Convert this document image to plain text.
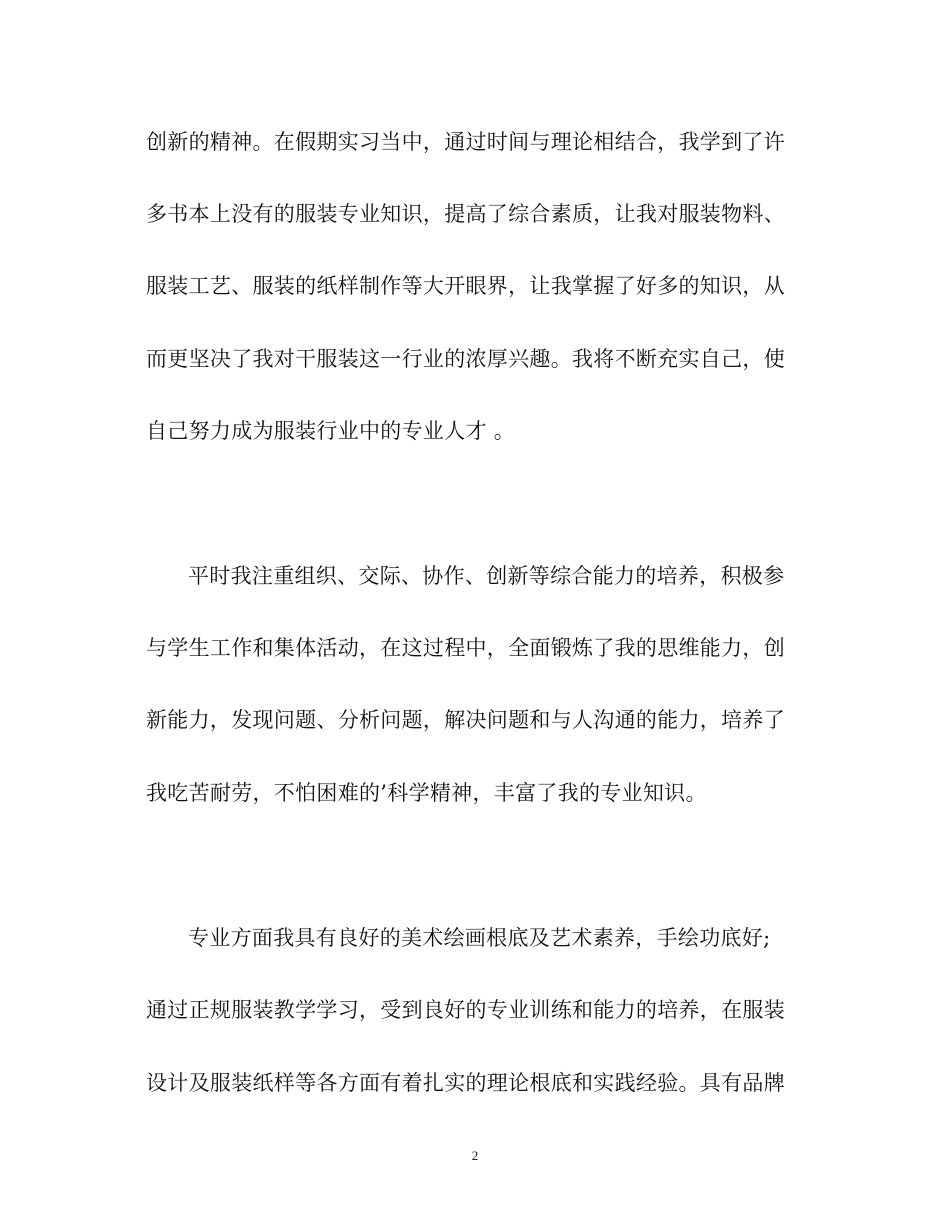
创新的精神。在假期实习当中，通过时间与理论相结合，我学到了许
多书本上没有的服装专业知识，提高了综合素质，让我对服装物料、
服装工艺、服装的纸样制作等大开眼界，让我掌握了好多的知识，从
而更坚决了我对干服装这一行业的浓厚兴趣。我将不断充实自己，使
自己努力成为服装行业中的专业人才 。
平时我注重组织、交际、协作、创新等综合能力的培养，积极参
与学生工作和集体活动，在这过程中，全面锻炼了我的思维能力，创
新能力，发现问题、分析问题，解决问题和与人沟通的能力，培养了
我吃苦耐劳，不怕困难的’科学精神，丰富了我的专业知识。
专业方面我具有良好的美术绘画根底及艺术素养，手绘功底好;
通过正规服装教学学习，受到良好的专业训练和能力的培养，在服装
设计及服装纸样等各方面有着扎实的理论根底和实践经验。具有品牌
2
